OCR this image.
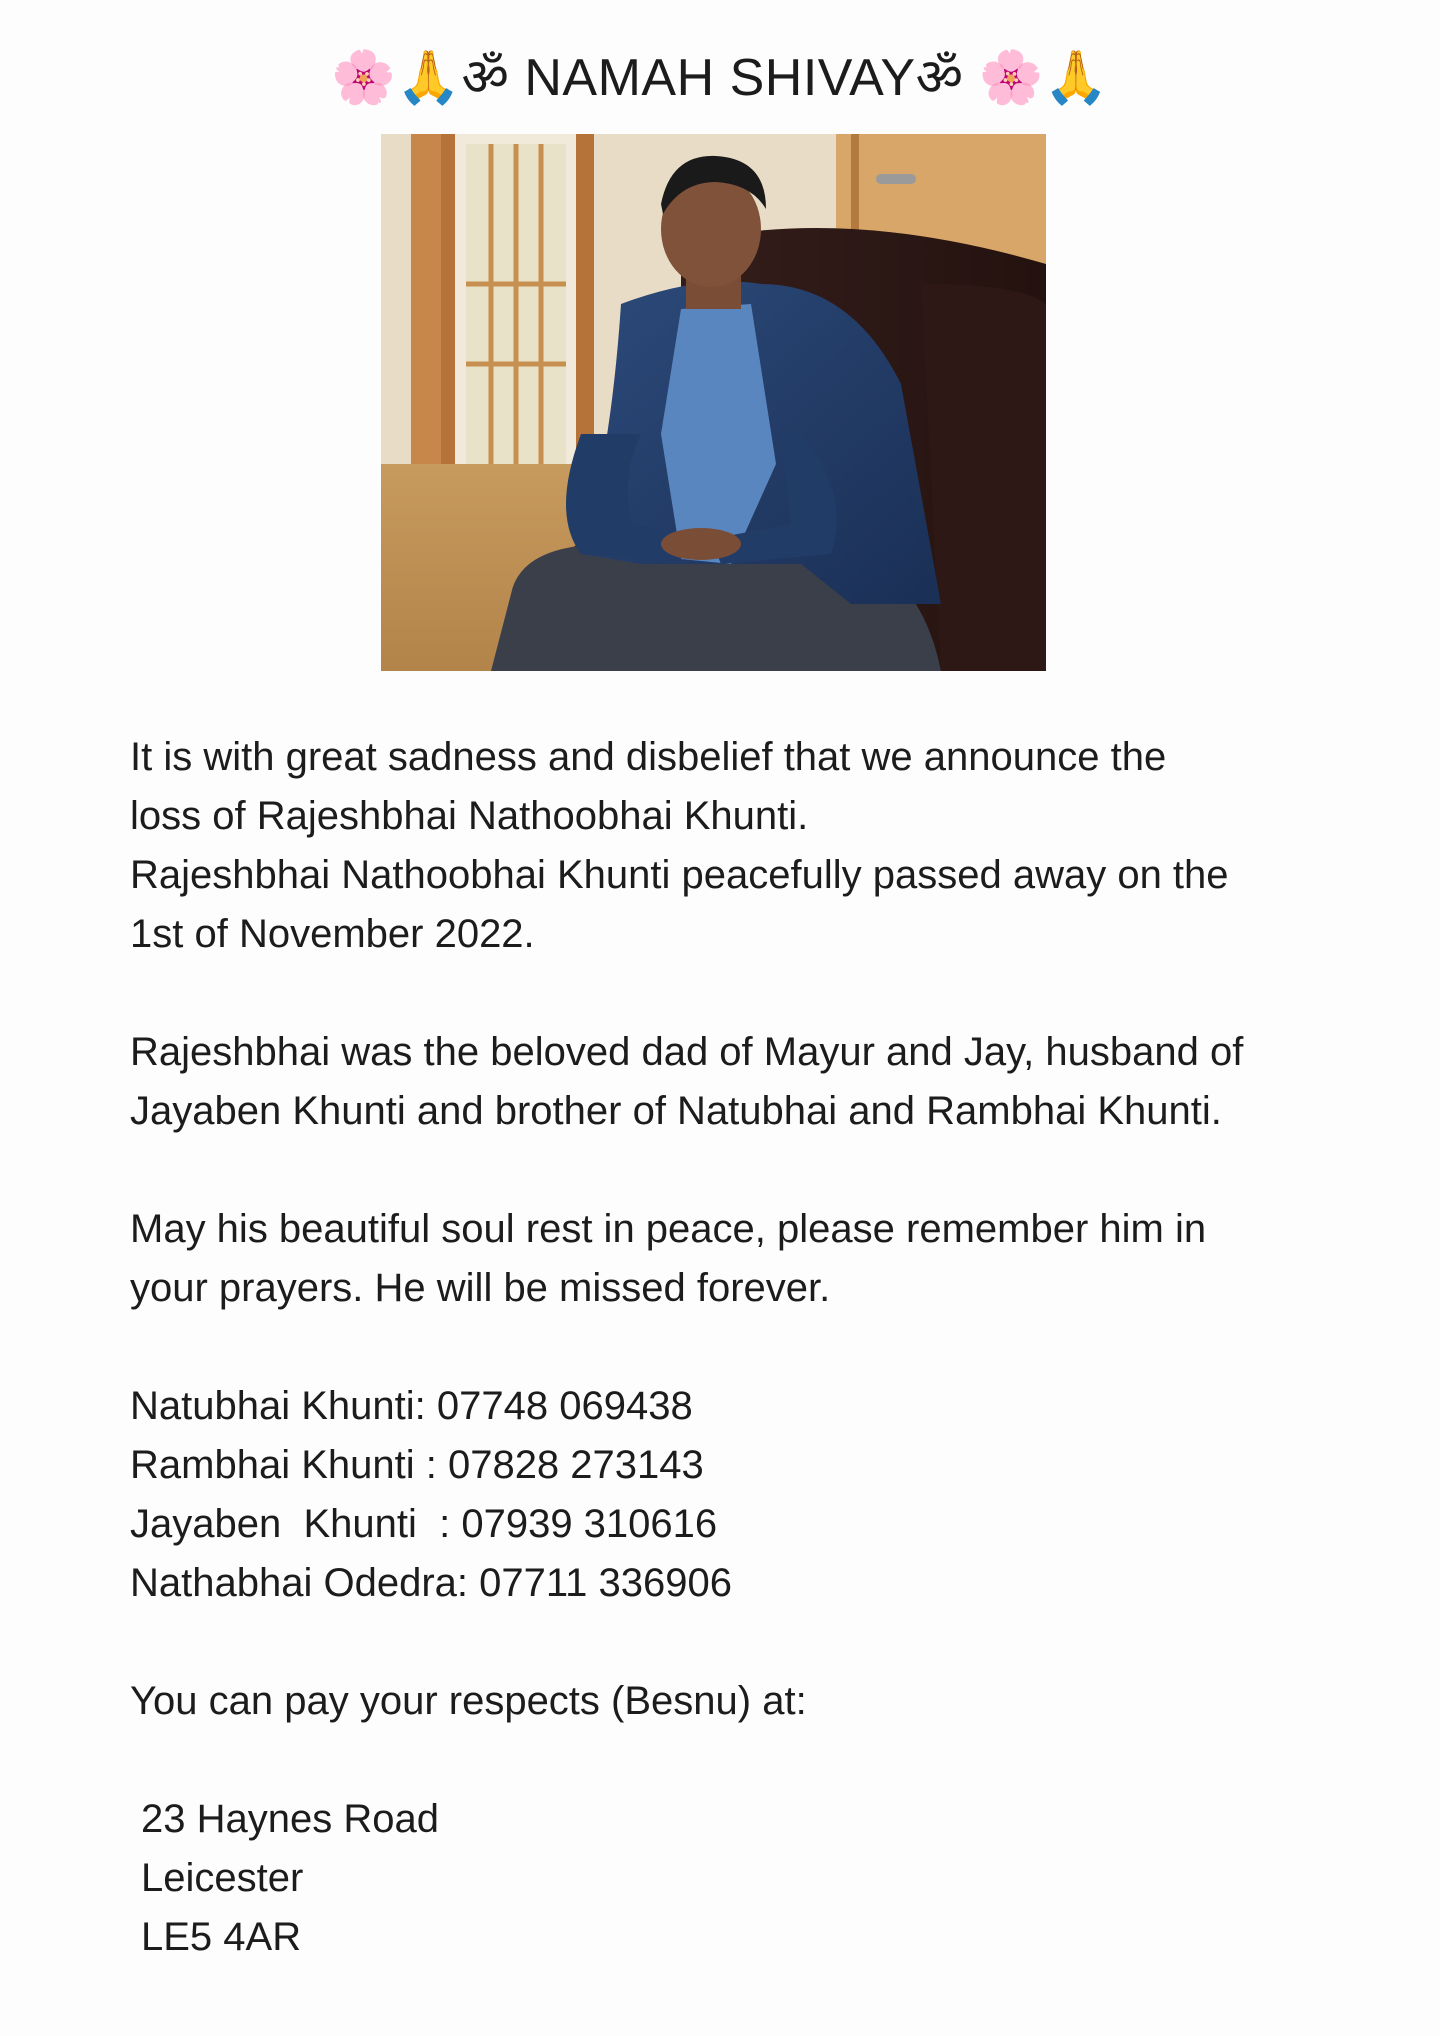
🌸🙏ॐ NAMAH SHIVAYॐ 🌸🙏

It is with great sadness and disbelief that we announce the

loss of Rajeshbhai Nathoobhai Khunti.

Rajeshbhai Nathoobhai Khunti peacefully passed away on the

1st of November 2022.

Rajeshbhai was the beloved dad of Mayur and Jay, husband of

Jayaben Khunti and brother of Natubhai and Rambhai Khunti.

May his beautiful soul rest in peace, please remember him in

your prayers. He will be missed forever.

Natubhai Khunti: 07748 069438

Rambhai Khunti : 07828 273143

Jayaben  Khunti  : 07939 310616

Nathabhai Odedra: 07711 336906

You can pay your respects (Besnu) at:

23 Haynes Road

Leicester

LE5 4AR
